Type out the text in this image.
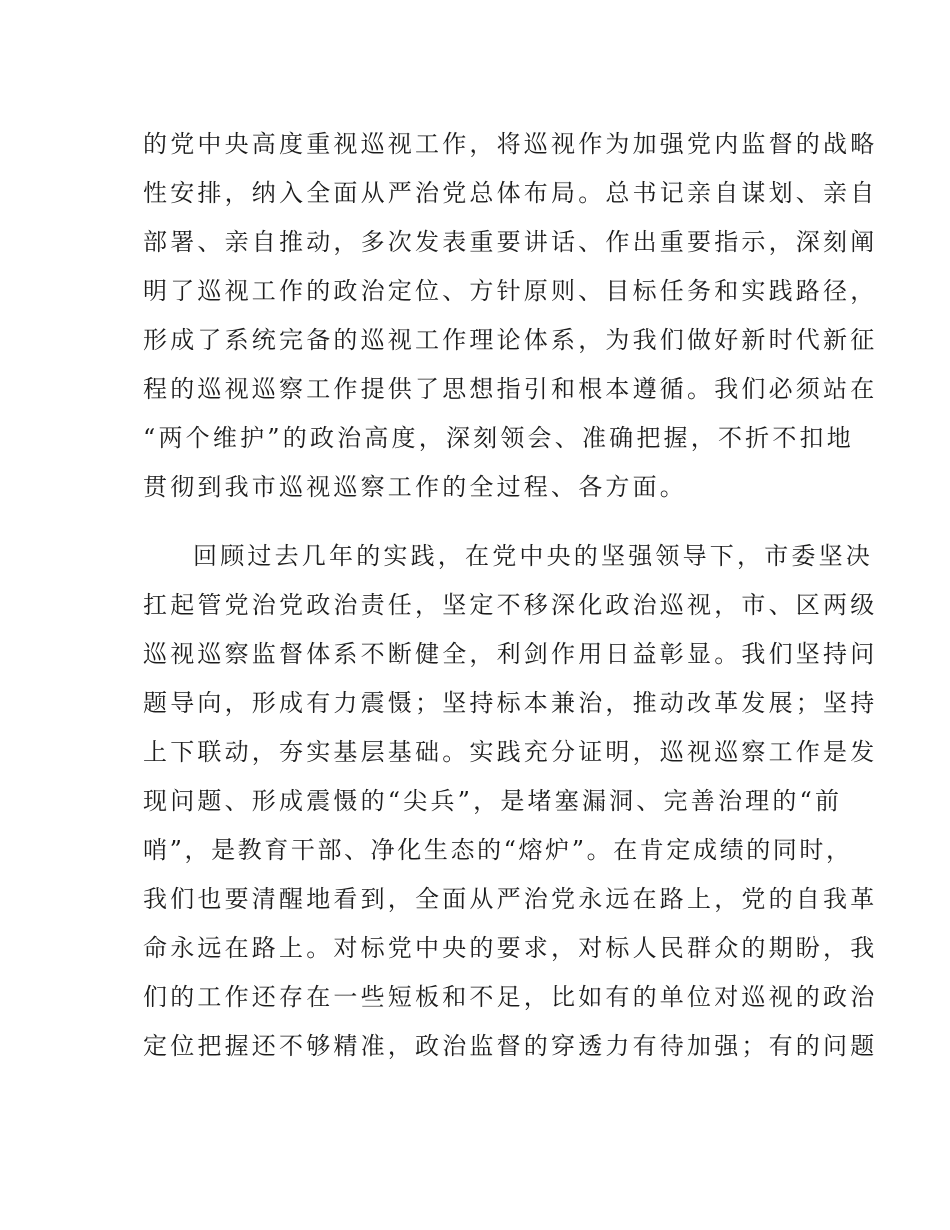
的党中央高度重视巡视工作，将巡视作为加强党内监督的战略
性安排，纳入全面从严治党总体布局。总书记亲自谋划、亲自
部署、亲自推动，多次发表重要讲话、作出重要指示，深刻阐
明了巡视工作的政治定位、方针原则、目标任务和实践路径，
形成了系统完备的巡视工作理论体系，为我们做好新时代新征
程的巡视巡察工作提供了思想指引和根本遵循。我们必须站在
“两个维护”的政治高度，深刻领会、准确把握，不折不扣地
贯彻到我市巡视巡察工作的全过程、各方面。
回顾过去几年的实践，在党中央的坚强领导下，市委坚决
扛起管党治党政治责任，坚定不移深化政治巡视，市、区两级
巡视巡察监督体系不断健全，利剑作用日益彰显。我们坚持问
题导向，形成有力震慑；坚持标本兼治，推动改革发展；坚持
上下联动，夯实基层基础。实践充分证明，巡视巡察工作是发
现问题、形成震慑的“尖兵”，是堵塞漏洞、完善治理的“前
哨”，是教育干部、净化生态的“熔炉”。在肯定成绩的同时，
我们也要清醒地看到，全面从严治党永远在路上，党的自我革
命永远在路上。对标党中央的要求，对标人民群众的期盼，我
们的工作还存在一些短板和不足，比如有的单位对巡视的政治
定位把握还不够精准，政治监督的穿透力有待加强；有的问题
